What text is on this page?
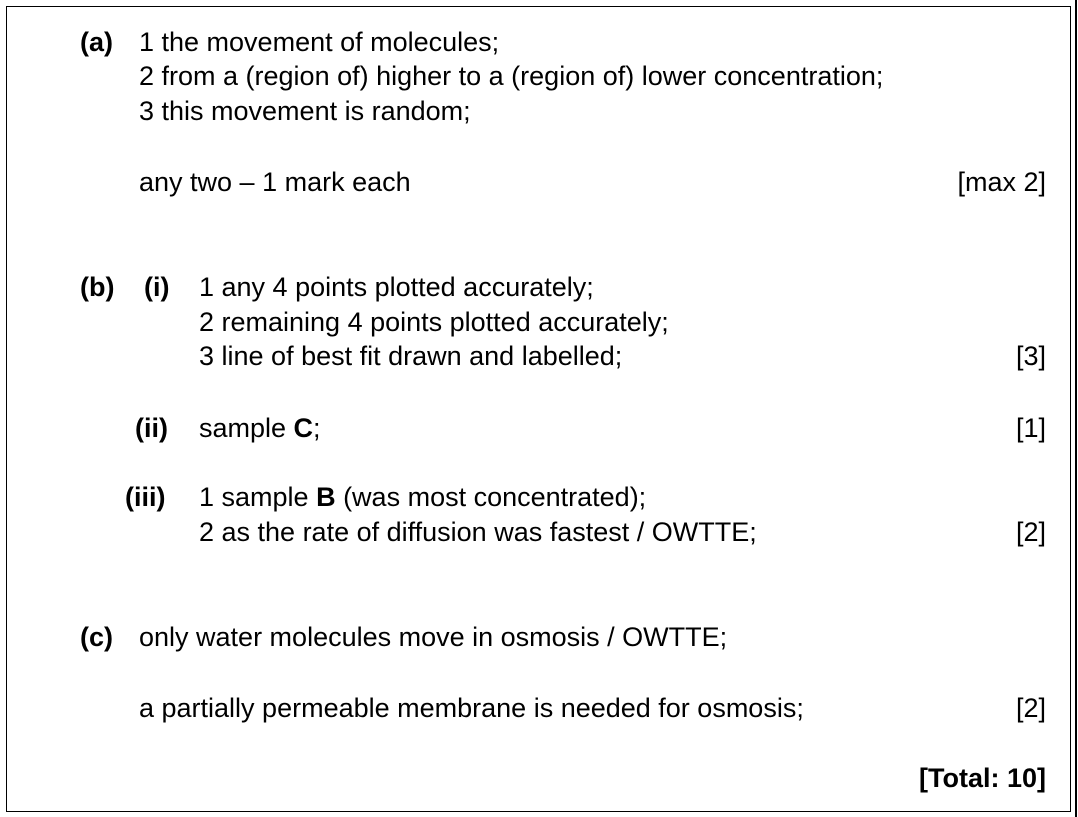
(a) 1 the movement of molecules;
2 from a (region of) higher to a (region of) lower concentration;
3 this movement is random;
any two – 1 mark each	[max 2]
(b) (i) 1 any 4 points plotted accurately;
2 remaining 4 points plotted accurately;
3 line of best fit drawn and labelled;	[3]
(ii) sample C;	[1]
(iii) 1 sample B (was most concentrated);
2 as the rate of diffusion was fastest / OWTTE;	[2]
(c) only water molecules move in osmosis / OWTTE;
a partially permeable membrane is needed for osmosis;	[2]
[Total: 10]
